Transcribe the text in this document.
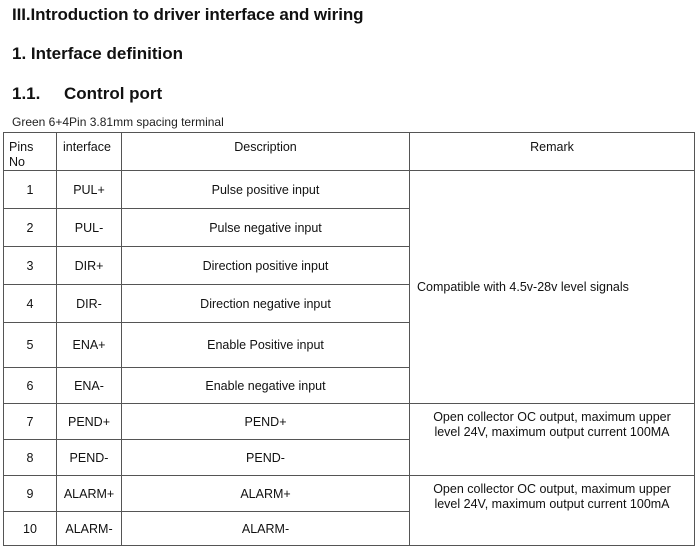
III.Introduction to driver interface and wiring
1. Interface definition
1.1. Control port
Green 6+4Pin 3.81mm spacing terminal
Pins
No	interface	Description	Remark
1	PUL+	Pulse positive input	Compatible with 4.5v-28v level signals
2	PUL-	Pulse negative input	
3	DIR+	Direction positive input	
4	DIR-	Direction negative input	
5	ENA+	Enable Positive input	
6	ENA-	Enable negative input	
7	PEND+	PEND+	Open collector OC output, maximum upper
level 24V, maximum output current 100MA

8	PEND-	PEND-	
9	ALARM+	ALARM+	Open collector OC output, maximum upper
level 24V, maximum output current 100mA

10	ALARM-	ALARM-	
